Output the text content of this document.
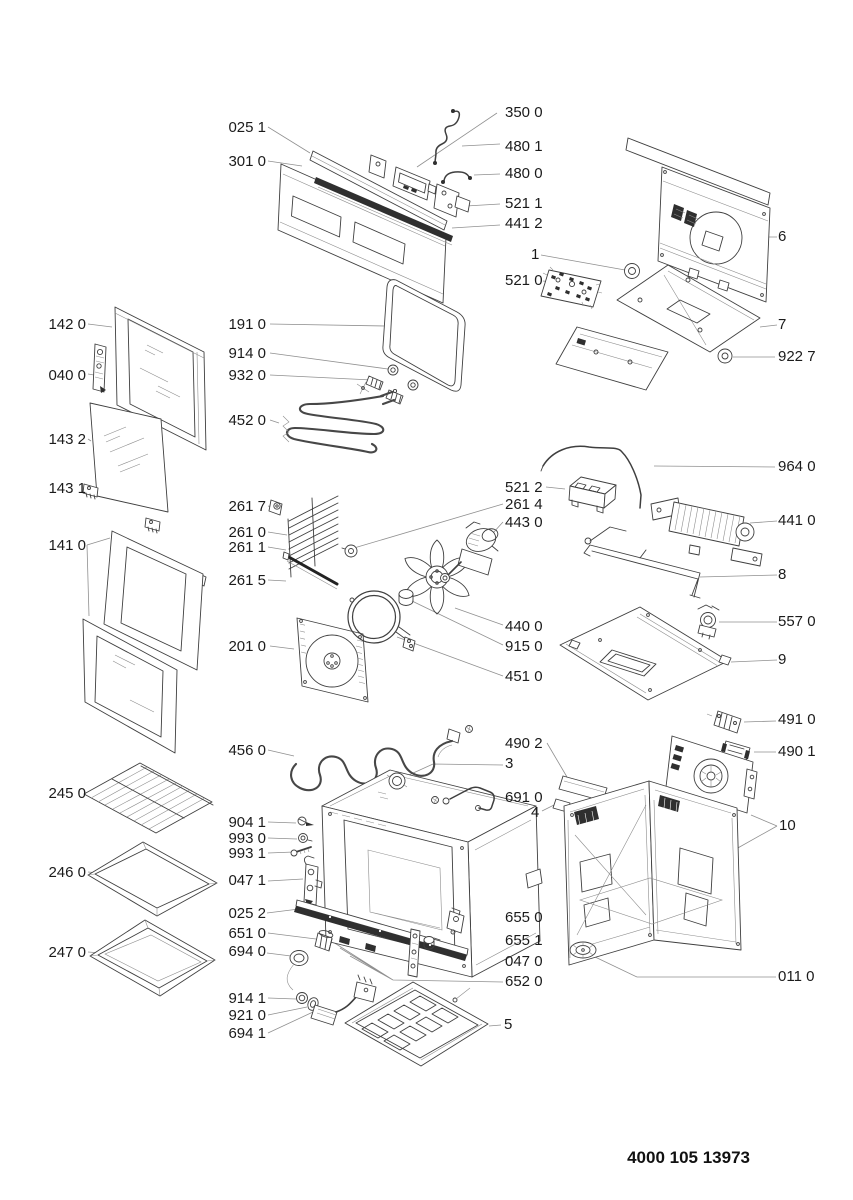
142 0
040 0
143 2
143 1
141 0
245 0
246 0
247 0
025 1
301 0
191 0
914 0
932 0
452 0
261 7
261 0
261 1
261 5
201 0
456 0
904 1
993 0
993 1
047 1
025 2
651 0
694 0
914 1
921 0
694 1
350 0
480 1
480 0
521 1
441 2
1
521 0
521 2
261 4
443 0
440 0
915 0
451 0
490 2
3
691 0
4
655 0
655 1
047 0
652 0
5
6
7
922 7
964 0
441 0
8
557 0
9
491 0
490 1
10
011 0
4000 105 13973
